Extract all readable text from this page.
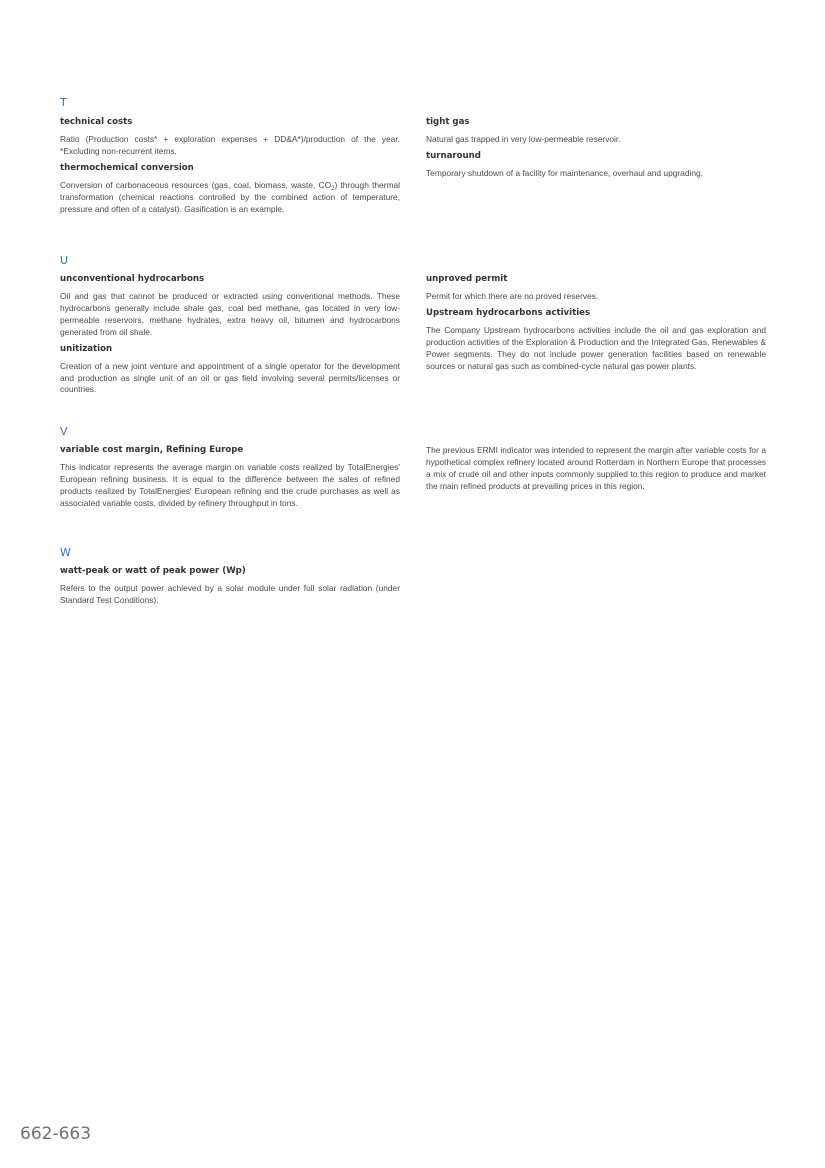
T

technical costs

Ratio (Production costs* + exploration expenses + DD&A*)/production of the year. *Excluding non-recurrent items.

thermochemical conversion

Conversion of carbonaceous resources (gas, coal, biomass, waste, $CO_2$) through thermal transformation (chemical reactions controlled by the combined action of temperature, pressure and often of a catalyst). Gasification is an example.

tight gas

Natural gas trapped in very low-permeable reservoir.

turnaround

Temporary shutdown of a facility for maintenance, overhaul and upgrading.

U

unconventional hydrocarbons

Oil and gas that cannot be produced or extracted using conventional methods. These hydrocarbons generally include shale gas, coal bed methane, gas located in very low-permeable reservoirs, methane hydrates, extra heavy oil, bitumen and hydrocarbons generated from oil shale.

unitization

Creation of a new joint venture and appointment of a single operator for the development and production as single unit of an oil or gas field involving several permits/licenses or countries.

unproved permit

Permit for which there are no proved reserves.

Upstream hydrocarbons activities

The Company Upstream hydrocarbons activities include the oil and gas exploration and production activities of the Exploration & Production and the Integrated Gas, Renewables & Power segments. They do not include power generation facilities based on renewable sources or natural gas such as combined-cycle natural gas power plants.

V

variable cost margin, Refining Europe

This indicator represents the average margin on variable costs realized by TotalEnergies' European refining business. It is equal to the difference between the sales of refined products realized by TotalEnergies' European refining and the crude purchases as well as associated variable costs, divided by refinery throughput in tons.

The previous ERMI indicator was intended to represent the margin after variable costs for a hypothetical complex refinery located around Rotterdam in Northern Europe that processes a mix of crude oil and other inputs commonly supplied to this region to produce and market the main refined products at prevailing prices in this region.

W

watt-peak or watt of peak power (Wp)

Refers to the output power achieved by a solar module under full solar radiation (under Standard Test Conditions).

662-663
